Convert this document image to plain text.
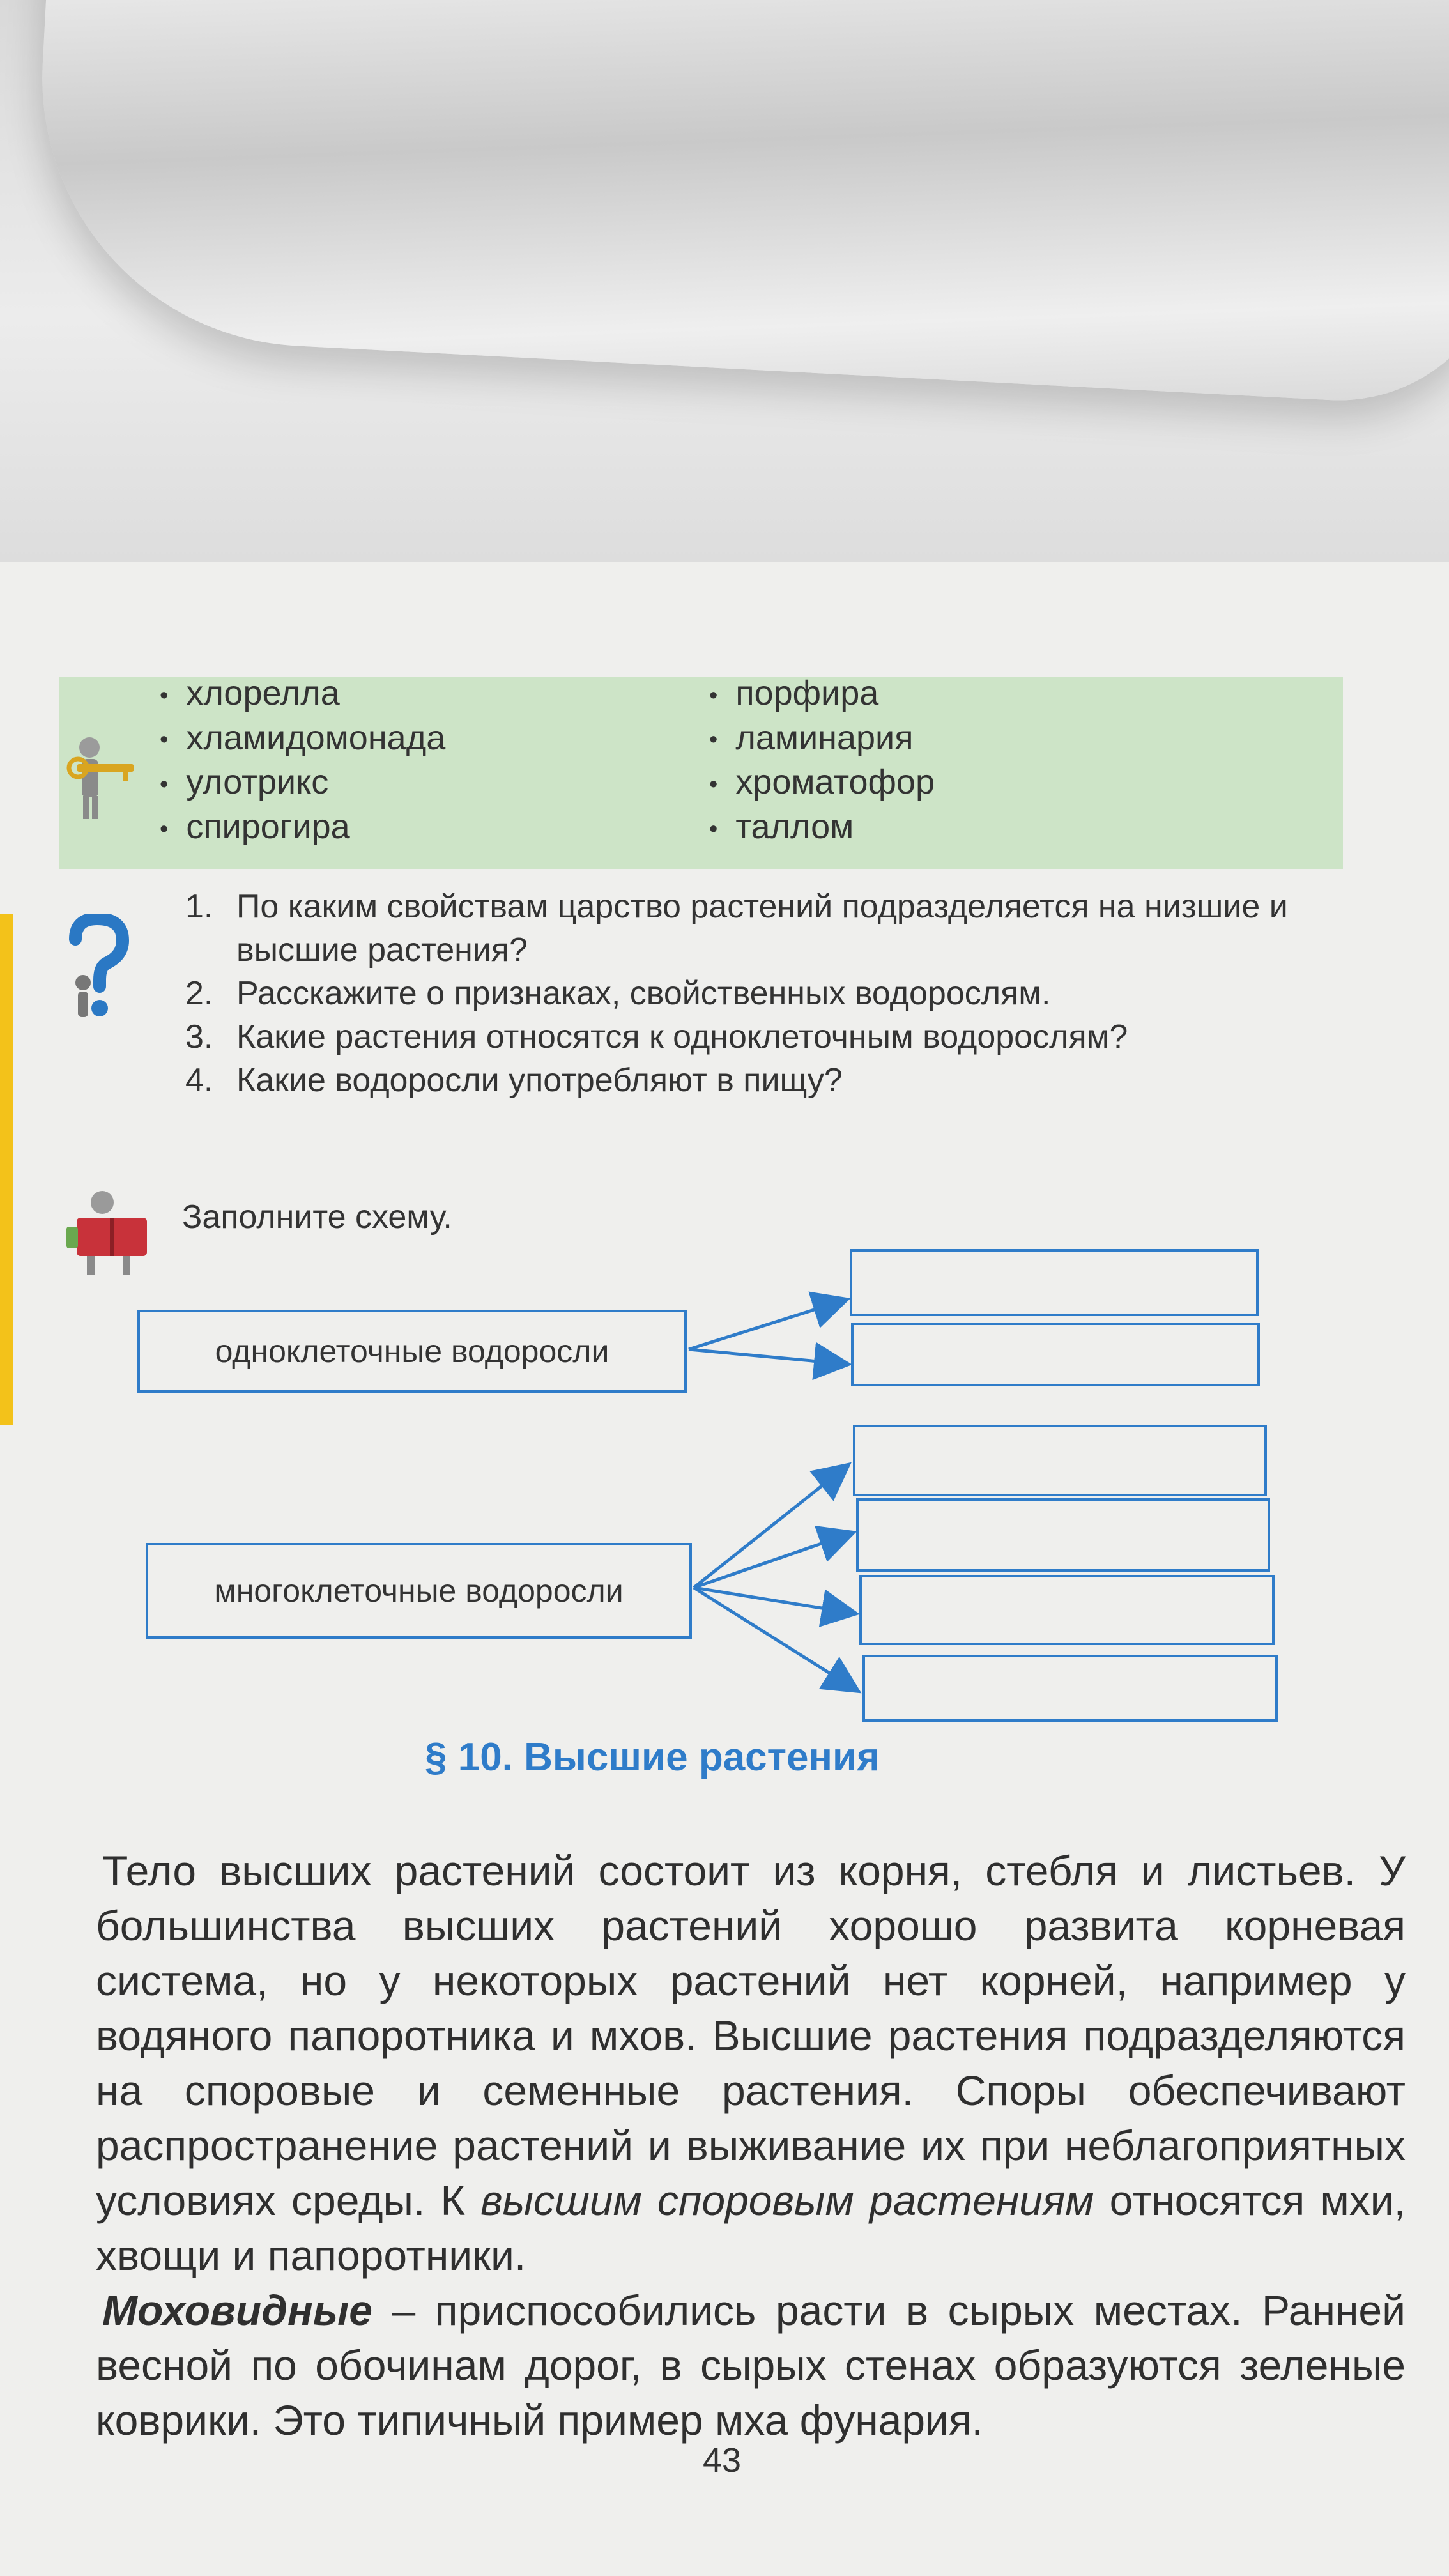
• хлорелла
• хламидомонада
• улотрикс
• спирогира
• порфира
• ламинария
• хроматофор
• таллом
1. По каким свойствам царство растений подразделяется на низшие и высшие растения?
2. Расскажите о признаках, свойственных водорослям.
3. Какие растения относятся к одноклеточным водорослям?
4. Какие водоросли употребляют в пищу?
Заполните схему.
одноклеточные водоросли
многоклеточные водоросли
§ 10. Высшие растения

Тело высших растений состоит из корня, стебля и листьев. У большинства высших растений хорошо развита корневая система, но у некоторых растений нет корней, например у водяного папоротника и мхов. Высшие растения подразделяются на споровые и семенные растения. Споры обеспечивают распространение растений и выживание их при неблагоприятных условиях среды. К высшим споровым растениям относятся мхи, хвощи и папоротники.

Моховидные – приспособились расти в сырых местах. Ранней весной по обочинам дорог, в сырых стенах образуются зеленые коврики. Это типичный пример мха фунария.

43
